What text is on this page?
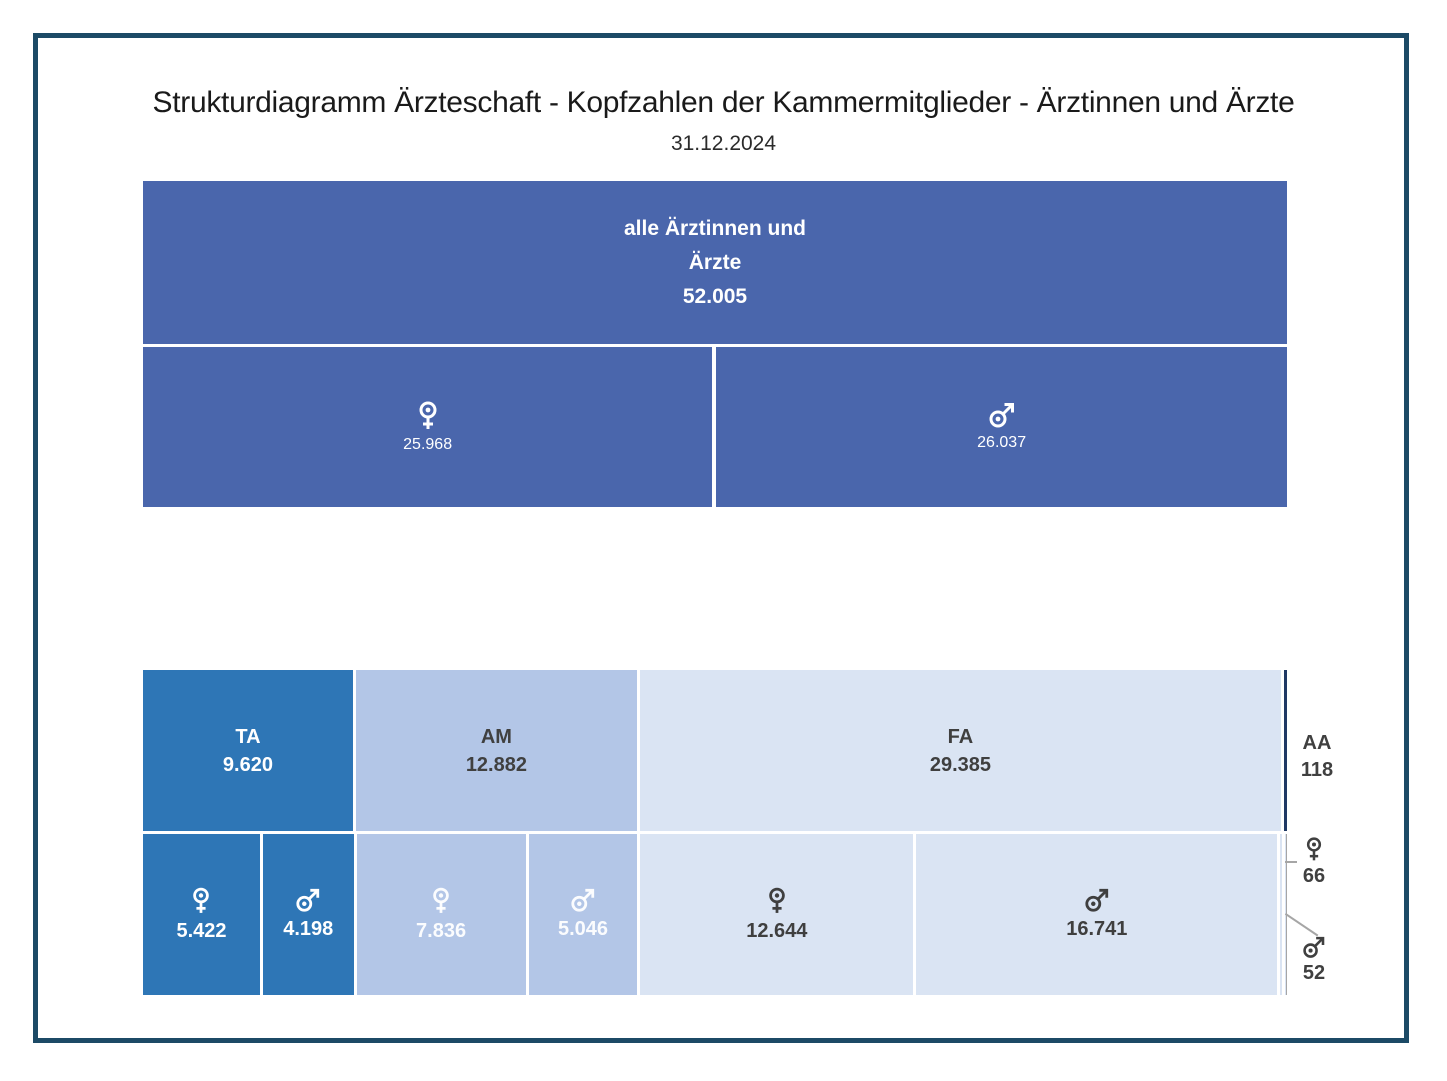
Strukturdiagramm Ärzteschaft - Kopfzahlen der Kammermitglieder - Ärztinnen und Ärzte
31.12.2024
alle Ärztinnen und
Ärzte
52.005
25.968	26.037
TA
9.620
AM
12.882
FA
29.385
5.422	4.198	7.836	5.046	12.644	16.741
AA
118
66
52
